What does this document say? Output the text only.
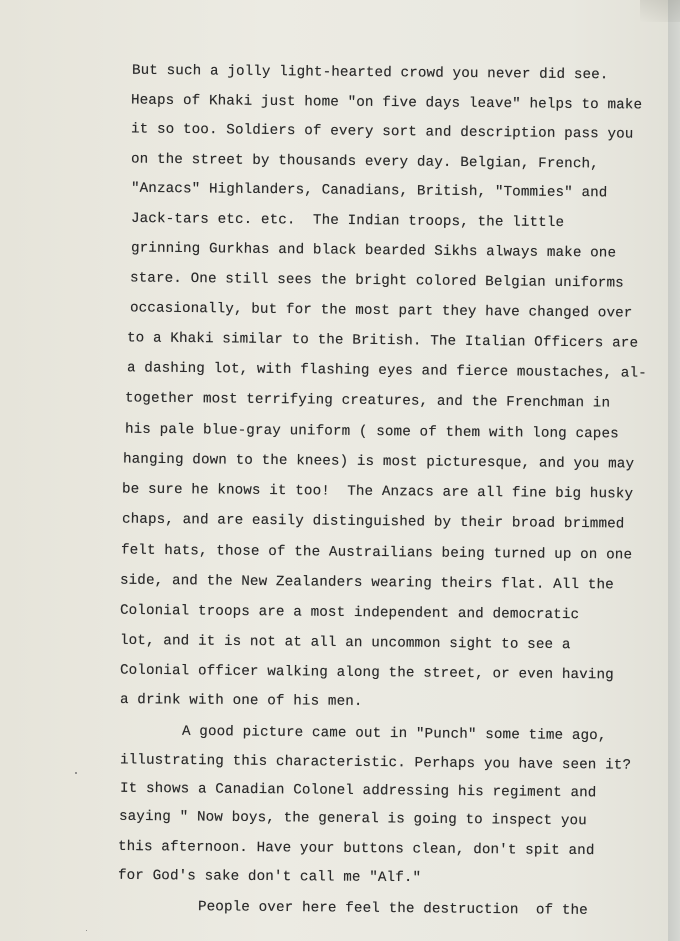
But such a jolly light-hearted crowd you never did see.
Heaps of Khaki just home "on five days leave" helps to make
it so too. Soldiers of every sort and description pass you
on the street by thousands every day. Belgian, French,
"Anzacs" Highlanders, Canadians, British, "Tommies" and
Jack-tars etc. etc.  The Indian troops, the little
grinning Gurkhas and black bearded Sikhs always make one
stare. One still sees the bright colored Belgian uniforms
occasionally, but for the most part they have changed over
to a Khaki similar to the British. The Italian Officers are
a dashing lot, with flashing eyes and fierce moustaches, al-
together most terrifying creatures, and the Frenchman in
his pale blue-gray uniform ( some of them with long capes
hanging down to the knees) is most picturesque, and you may
be sure he knows it too!  The Anzacs are all fine big husky
chaps, and are easily distinguished by their broad brimmed
felt hats, those of the Austrailians being turned up on one
side, and the New Zealanders wearing theirs flat. All the
Colonial troops are a most independent and democratic
lot, and it is not at all an uncommon sight to see a
Colonial officer walking along the street, or even having
a drink with one of his men.
A good picture came out in "Punch" some time ago,
illustrating this characteristic. Perhaps you have seen it?
It shows a Canadian Colonel addressing his regiment and
saying " Now boys, the general is going to inspect you
this afternoon. Have your buttons clean, don't spit and
for God's sake don't call me "Alf."
People over here feel the destruction  of the
